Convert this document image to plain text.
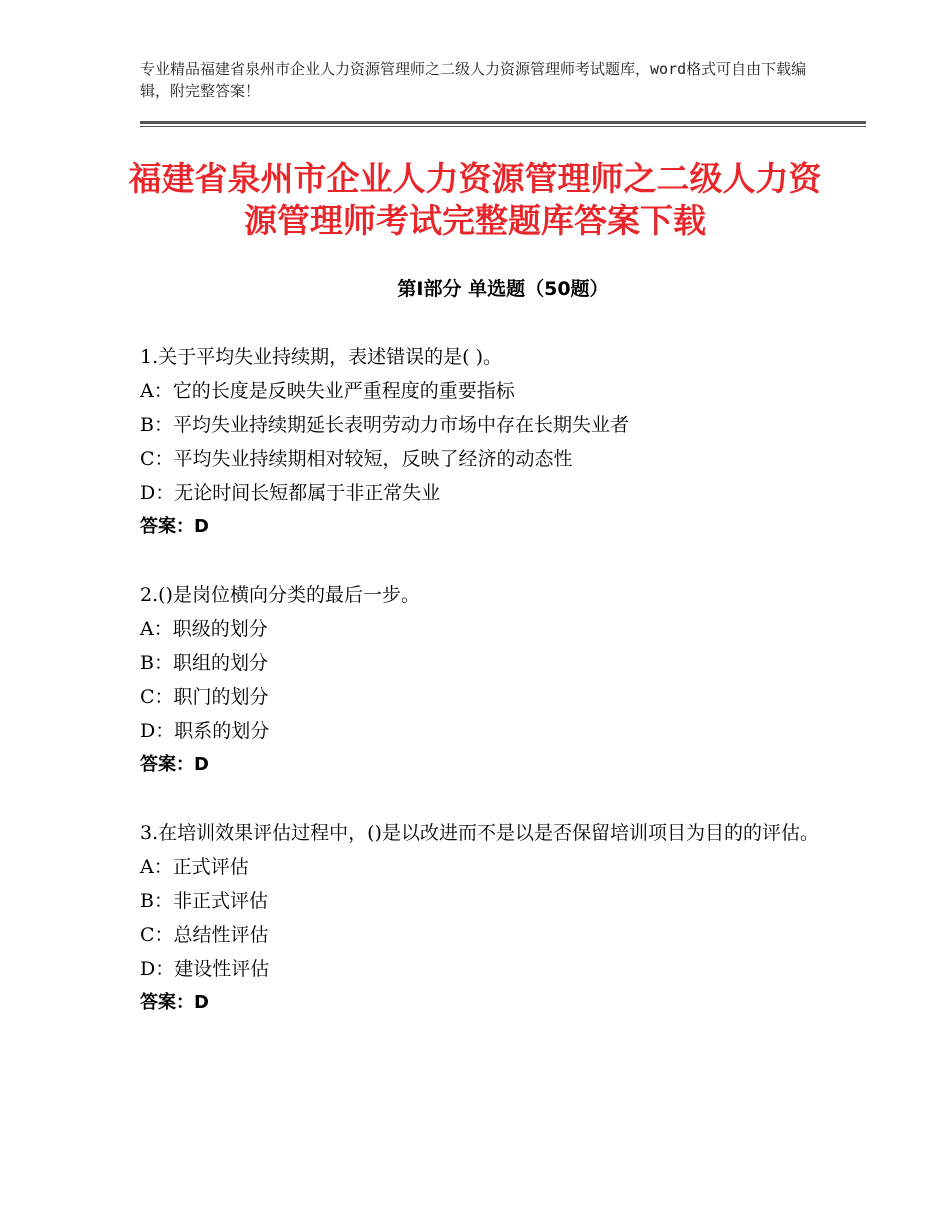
专业精品福建省泉州市企业人力资源管理师之二级人力资源管理师考试题库，word格式可自由下载编辑，附完整答案！
福建省泉州市企业人力资源管理师之二级人力资源管理师考试完整题库答案下载
第Ⅰ部分 单选题（50题）

1.关于平均失业持续期，表述错误的是( )。

A：它的长度是反映失业严重程度的重要指标

B：平均失业持续期延长表明劳动力市场中存在长期失业者

C：平均失业持续期相对较短，反映了经济的动态性

D：无论时间长短都属于非正常失业

答案：D

2.()是岗位横向分类的最后一步。

A：职级的划分

B：职组的划分

C：职门的划分

D：职系的划分

答案：D

3.在培训效果评估过程中，()是以改进而不是以是否保留培训项目为目的的评估。

A：正式评估

B：非正式评估

C：总结性评估

D：建设性评估

答案：D
